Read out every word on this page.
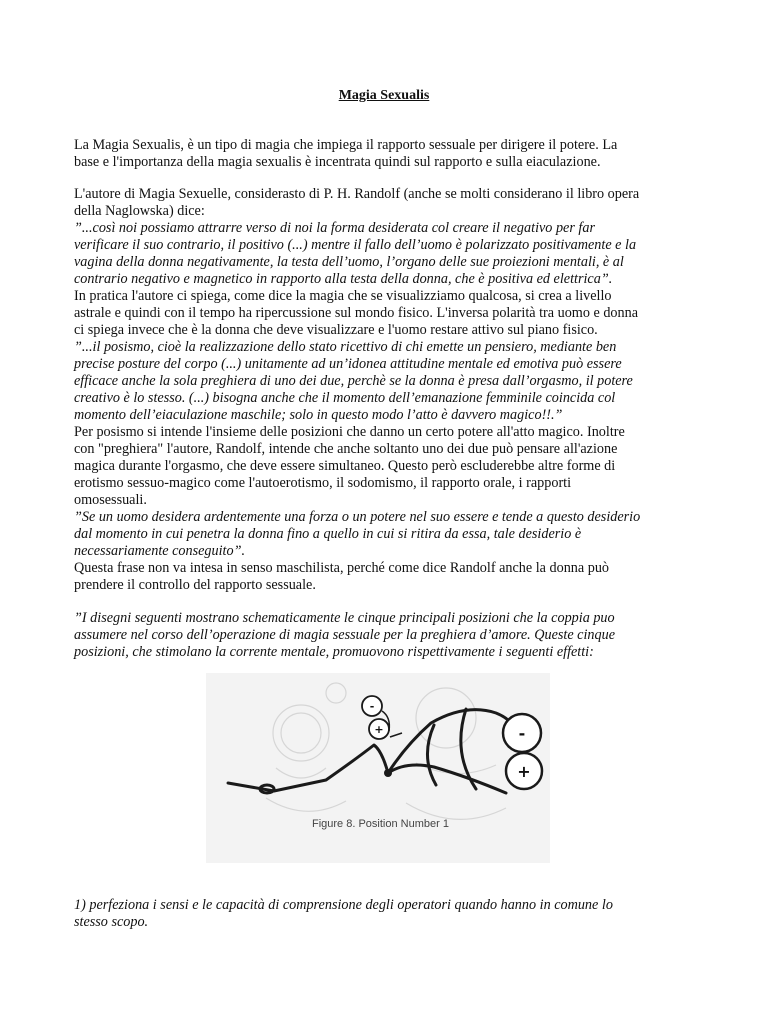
Magia Sexualis
La Magia Sexualis, è un tipo di magia che impiega il rapporto sessuale per dirigere il potere. La
base e l'importanza della magia sexualis è incentrata quindi sul rapporto e sulla eiaculazione.
L'autore di Magia Sexuelle, considerasto di P. H. Randolf (anche se molti considerano il libro opera
della Naglowska) dice:
”...così noi possiamo attrarre verso di noi la forma desiderata col creare il negativo per far
verificare il suo contrario, il positivo (...) mentre il fallo dell’uomo è polarizzato positivamente e la
vagina della donna negativamente, la testa dell’uomo, l’organo delle sue proiezioni mentali, è al
contrario negativo e magnetico in rapporto alla testa della donna, che è positiva ed elettrica”.
In pratica l'autore ci spiega, come dice la magia che se visualizziamo qualcosa, si crea a livello
astrale e quindi con il tempo ha ripercussione sul mondo fisico. L'inversa polarità tra uomo e donna
ci spiega invece che è la donna che deve visualizzare e l'uomo restare attivo sul piano fisico.
”...il posismo, cioè la realizzazione dello stato ricettivo di chi emette un pensiero, mediante ben
precise posture del corpo (...) unitamente ad un’idonea attitudine mentale ed emotiva può essere
efficace anche la sola preghiera di uno dei due, perchè se la donna è presa dall’orgasmo, il potere
creativo è lo stesso. (...) bisogna anche che il momento dell’emanazione femminile coincida col
momento dell’eiaculazione maschile; solo in questo modo l’atto è davvero magico!!.”
Per posismo si intende l'insieme delle posizioni che danno un certo potere all'atto magico. Inoltre
con "preghiera" l'autore, Randolf, intende che anche soltanto uno dei due può pensare all'azione
magica durante l'orgasmo, che deve essere simultaneo. Questo però escluderebbe altre forme di
erotismo sessuo-magico come l'autoerotismo, il sodomismo, il rapporto orale, i rapporti
omosessuali.
”Se un uomo desidera ardentemente una forza o un potere nel suo essere e tende a questo desiderio
dal momento in cui penetra la donna fino a quello in cui si ritira da essa, tale desiderio è
necessariamente conseguito”.
Questa frase non va intesa in senso maschilista, perché come dice Randolf anche la donna può
prendere il controllo del rapporto sessuale.
”I disegni seguenti mostrano schematicamente le cinque principali posizioni che la coppia puo
assumere nel corso dell’operazione di magia sessuale per la preghiera d’amore. Queste cinque
posizioni, che stimolano la corrente mentale, promuovono rispettivamente i seguenti effetti:
-
+
-
+
Figure 8. Position Number 1
1) perfeziona i sensi e le capacità di comprensione degli operatori quando hanno in comune lo
stesso scopo.
